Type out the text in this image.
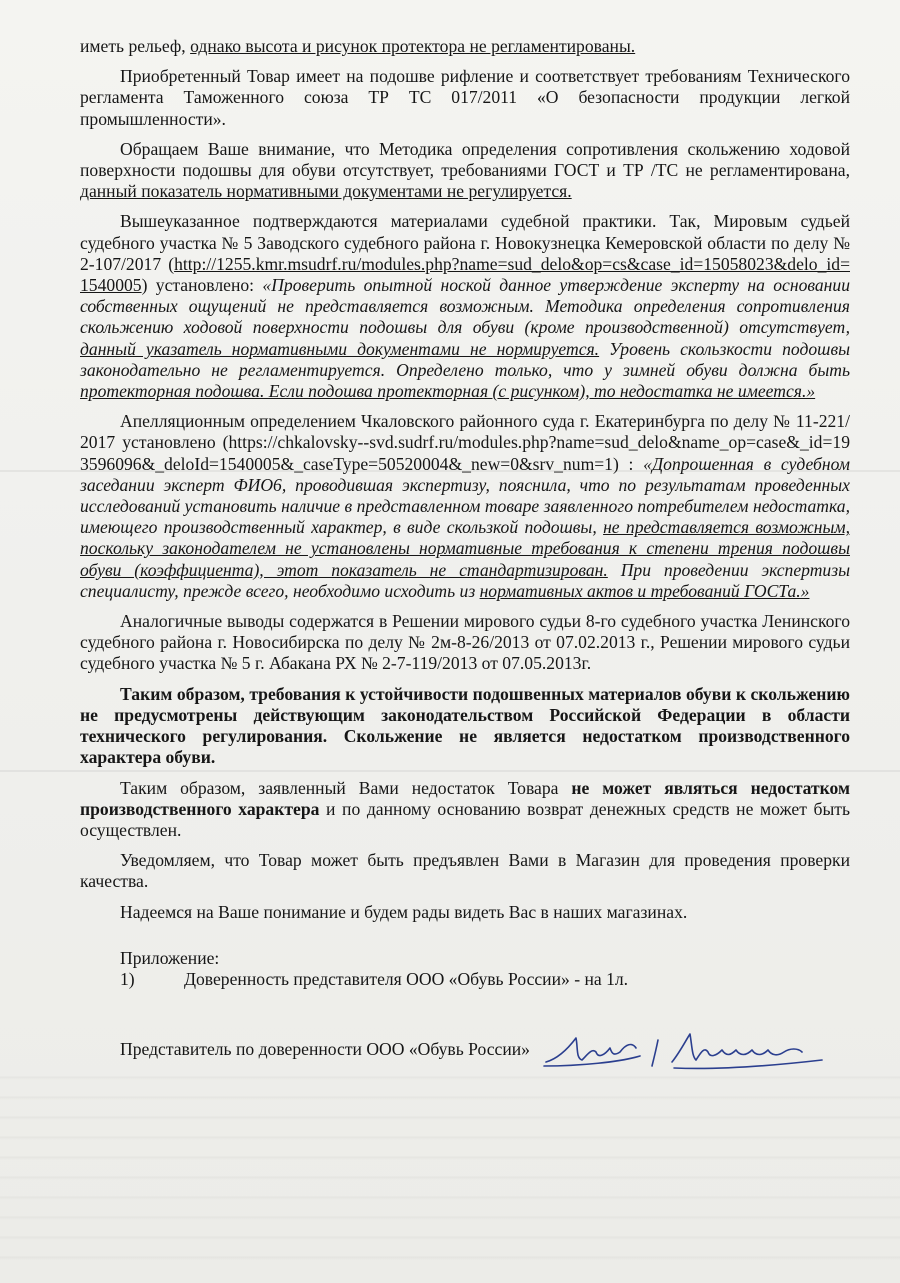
иметь рельеф, однако высота и рисунок протектора не регламентированы.

Приобретенный Товар имеет на подошве рифление и соответствует требованиям Технического регламента Таможенного союза ТР ТС 017/2011 «О безопасности продукции легкой промышленности».

Обращаем Ваше внимание, что Методика определения сопротивления скольжению ходовой поверхности подошвы для обуви отсутствует, требованиями ГОСТ и ТР /ТС не регламентирована, данный показатель нормативными документами не регулируется.

Вышеуказанное подтверждаются материалами судебной практики. Так, Мировым судьей судебного участка № 5 Заводского судебного района г. Новокузнецка Кемеровской области по делу № 2-107/2017 (http://1255.kmr.msudrf.ru/modules.php?name=sud_delo&op=cs&case_id=15058023&delo_id=1540005) установлено: «Проверить опытной ноской данное утверждение эксперту на основании собственных ощущений не представляется возможным. Методика определения сопротивления скольжению ходовой поверхности подошвы для обуви (кроме производственной) отсутствует, данный указатель нормативными документами не нормируется. Уровень скользкости подошвы законодательно не регламентируется. Определено только, что у зимней обуви должна быть протекторная подошва. Если подошва протекторная (с рисунком), то недостатка не имеется.»

Апелляционным определением Чкаловского районного суда г. Екатеринбурга по делу № 11-221/2017 установлено (https://chkalovsky--svd.sudrf.ru/modules.php?name=sud_delo&name_op=case&_id=193596096&_deloId=1540005&_caseType=50520004&_new=0&srv_num=1) : «Допрошенная в судебном заседании эксперт ФИО6, проводившая экспертизу, пояснила, что по результатам проведенных исследований установить наличие в представленном товаре заявленного потребителем недостатка, имеющего производственный характер, в виде скользкой подошвы, не представляется возможным, поскольку законодателем не установлены нормативные требования к степени трения подошвы обуви (коэффициента), этот показатель не стандартизирован. При проведении экспертизы специалисту, прежде всего, необходимо исходить из нормативных актов и требований ГОСТа.»

Аналогичные выводы содержатся в Решении мирового судьи 8-го судебного участка Ленинского судебного района г. Новосибирска по делу № 2м-8-26/2013 от 07.02.2013 г., Решении мирового судьи судебного участка № 5 г. Абакана РХ № 2-7-119/2013 от 07.05.2013г.

Таким образом, требования к устойчивости подошвенных материалов обуви к скольжению не предусмотрены действующим законодательством Российской Федерации в области технического регулирования. Скольжение не является недостатком производственного характера обуви.

Таким образом, заявленный Вами недостаток Товара не может являться недостатком производственного характера и по данному основанию возврат денежных средств не может быть осуществлен.

Уведомляем, что Товар может быть предъявлен Вами в Магазин для проведения проверки качества.

Надеемся на Ваше понимание и будем рады видеть Вас в наших магазинах.

Приложение:

1)	Доверенность представителя ООО «Обувь России» - на 1л.
Представитель по доверенности ООО «Обувь России»
